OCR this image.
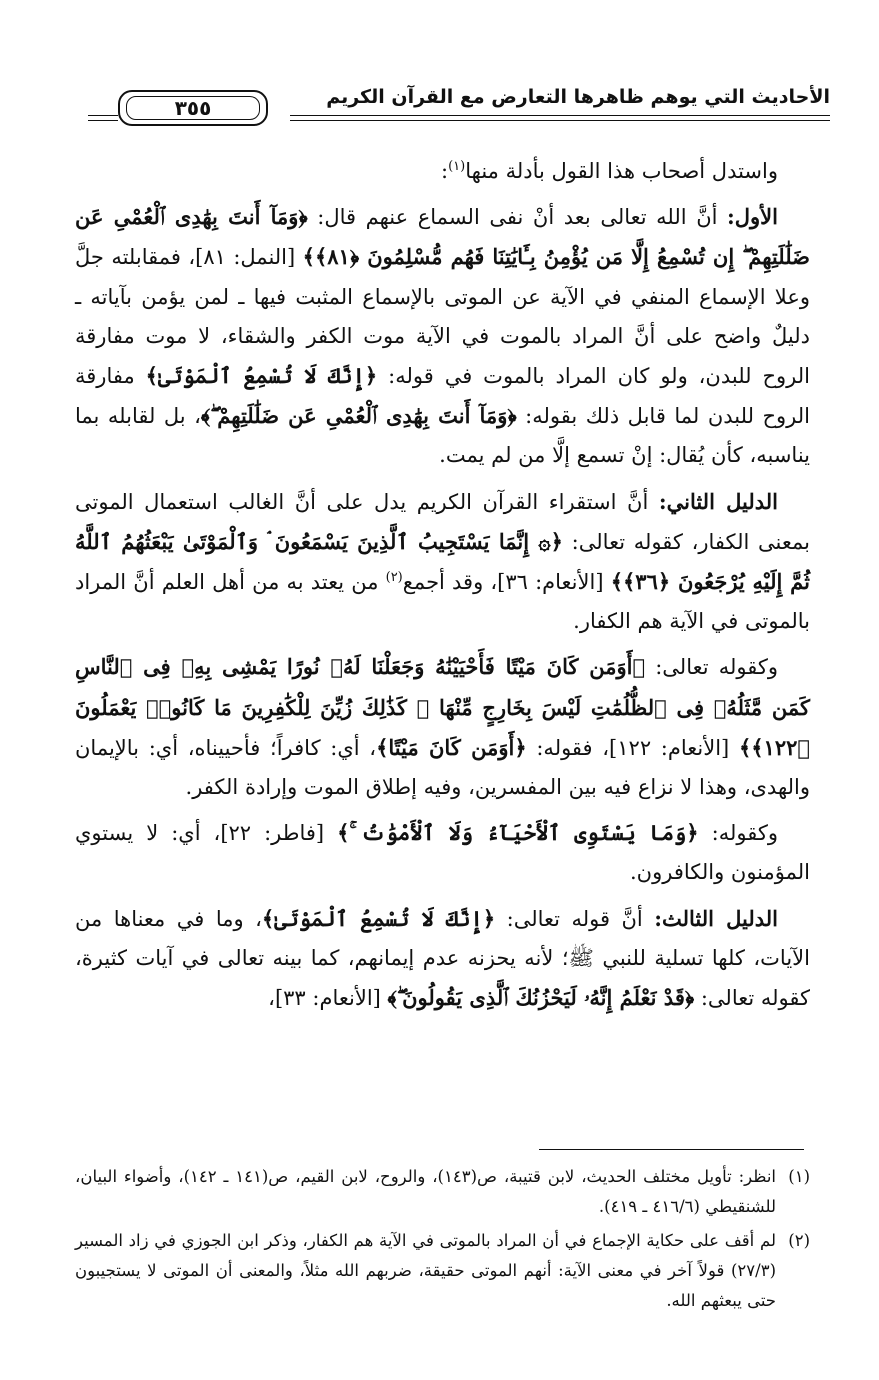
الأحاديث التي يوهم ظاهرها التعارض مع القرآن الكريم
٣٥٥

واستدل أصحاب هذا القول بأدلة منها$^{(١)}$:

الأول: أنَّ الله تعالى بعد أنْ نفى السماع عنهم قال: ﴿وَمَآ أَنتَ بِهَٰدِى ٱلْعُمْىِ عَن ضَلَٰلَتِهِمْ ۖ إِن تُسْمِعُ إِلَّا مَن يُؤْمِنُ بِـَٔايَٰتِنَا فَهُم مُّسْلِمُونَ ﴿٨١﴾﴾ [النمل: ٨١]، فمقابلته جلَّ وعلا الإسماع المنفي في الآية عن الموتى بالإسماع المثبت فيها ـ لمن يؤمن بآياته ـ دليلٌ واضح على أنَّ المراد بالموت في الآية موت الكفر والشقاء، لا موت مفارقة الروح للبدن، ولو كان المراد بالموت في قوله: ﴿إِنَّكَ لَا تُسْمِعُ ٱلْمَوْتَىٰ﴾ مفارقة الروح للبدن لما قابل ذلك بقوله: ﴿وَمَآ أَنتَ بِهَٰدِى ٱلْعُمْىِ عَن ضَلَٰلَتِهِمْ ۖ﴾، بل لقابله بما يناسبه، كأن يُقال: إنْ تسمع إلَّا من لم يمت.

الدليل الثاني: أنَّ استقراء القرآن الكريم يدل على أنَّ الغالب استعمال الموتى بمعنى الكفار، كقوله تعالى: ﴿۞ إِنَّمَا يَسْتَجِيبُ ٱلَّذِينَ يَسْمَعُونَ ۘ وَٱلْمَوْتَىٰ يَبْعَثُهُمُ ٱللَّهُ ثُمَّ إِلَيْهِ يُرْجَعُونَ ﴿٣٦﴾﴾ [الأنعام: ٣٦]، وقد أجمع$^{(٢)}$ من يعتد به من أهل العلم أنَّ المراد بالموتى في الآية هم الكفار.

وكقوله تعالى: ﴿أَوَمَن كَانَ مَيْتًا فَأَحْيَيْنَٰهُ وَجَعَلْنَا لَهُۥ نُورًا يَمْشِى بِهِۦ فِى ٱلنَّاسِ كَمَن مَّثَلُهُۥ فِى ٱلظُّلُمَٰتِ لَيْسَ بِخَارِجٍ مِّنْهَا ۚ كَذَٰلِكَ زُيِّنَ لِلْكَٰفِرِينَ مَا كَانُوا۟ يَعْمَلُونَ ﴿١٢٢﴾﴾ [الأنعام: ١٢٢]، فقوله: ﴿أَوَمَن كَانَ مَيْتًا﴾، أي: كافراً؛ فأحييناه، أي: بالإيمان والهدى، وهذا لا نزاع فيه بين المفسرين، وفيه إطلاق الموت وإرادة الكفر.

وكقوله: ﴿وَمَا يَسْتَوِى ٱلْأَحْيَآءُ وَلَا ٱلْأَمْوَٰتُ ۚ﴾ [فاطر: ٢٢]، أي: لا يستوي المؤمنون والكافرون.

الدليل الثالث: أنَّ قوله تعالى: ﴿إِنَّكَ لَا تُسْمِعُ ٱلْمَوْتَىٰ﴾، وما في معناها من الآيات، كلها تسلية للنبي ﷺ؛ لأنه يحزنه عدم إيمانهم، كما بينه تعالى في آيات كثيرة، كقوله تعالى: ﴿قَدْ نَعْلَمُ إِنَّهُۥ لَيَحْزُنُكَ ٱلَّذِى يَقُولُونَ ۖ﴾ [الأنعام: ٣٣]،

(١)
انظر: تأويل مختلف الحديث، لابن قتيبة، ص(١٤٣)، والروح، لابن القيم، ص(١٤١ ـ ١٤٢)، وأضواء البيان، للشنقيطي (٤١٦/٦ ـ ٤١٩).

(٢)
لم أقف على حكاية الإجماع في أن المراد بالموتى في الآية هم الكفار، وذكر ابن الجوزي في زاد المسير (٢٧/٣) قولاً آخر في معنى الآية: أنهم الموتى حقيقة، ضربهم الله مثلاً، والمعنى أن الموتى لا يستجيبون حتى يبعثهم الله.
